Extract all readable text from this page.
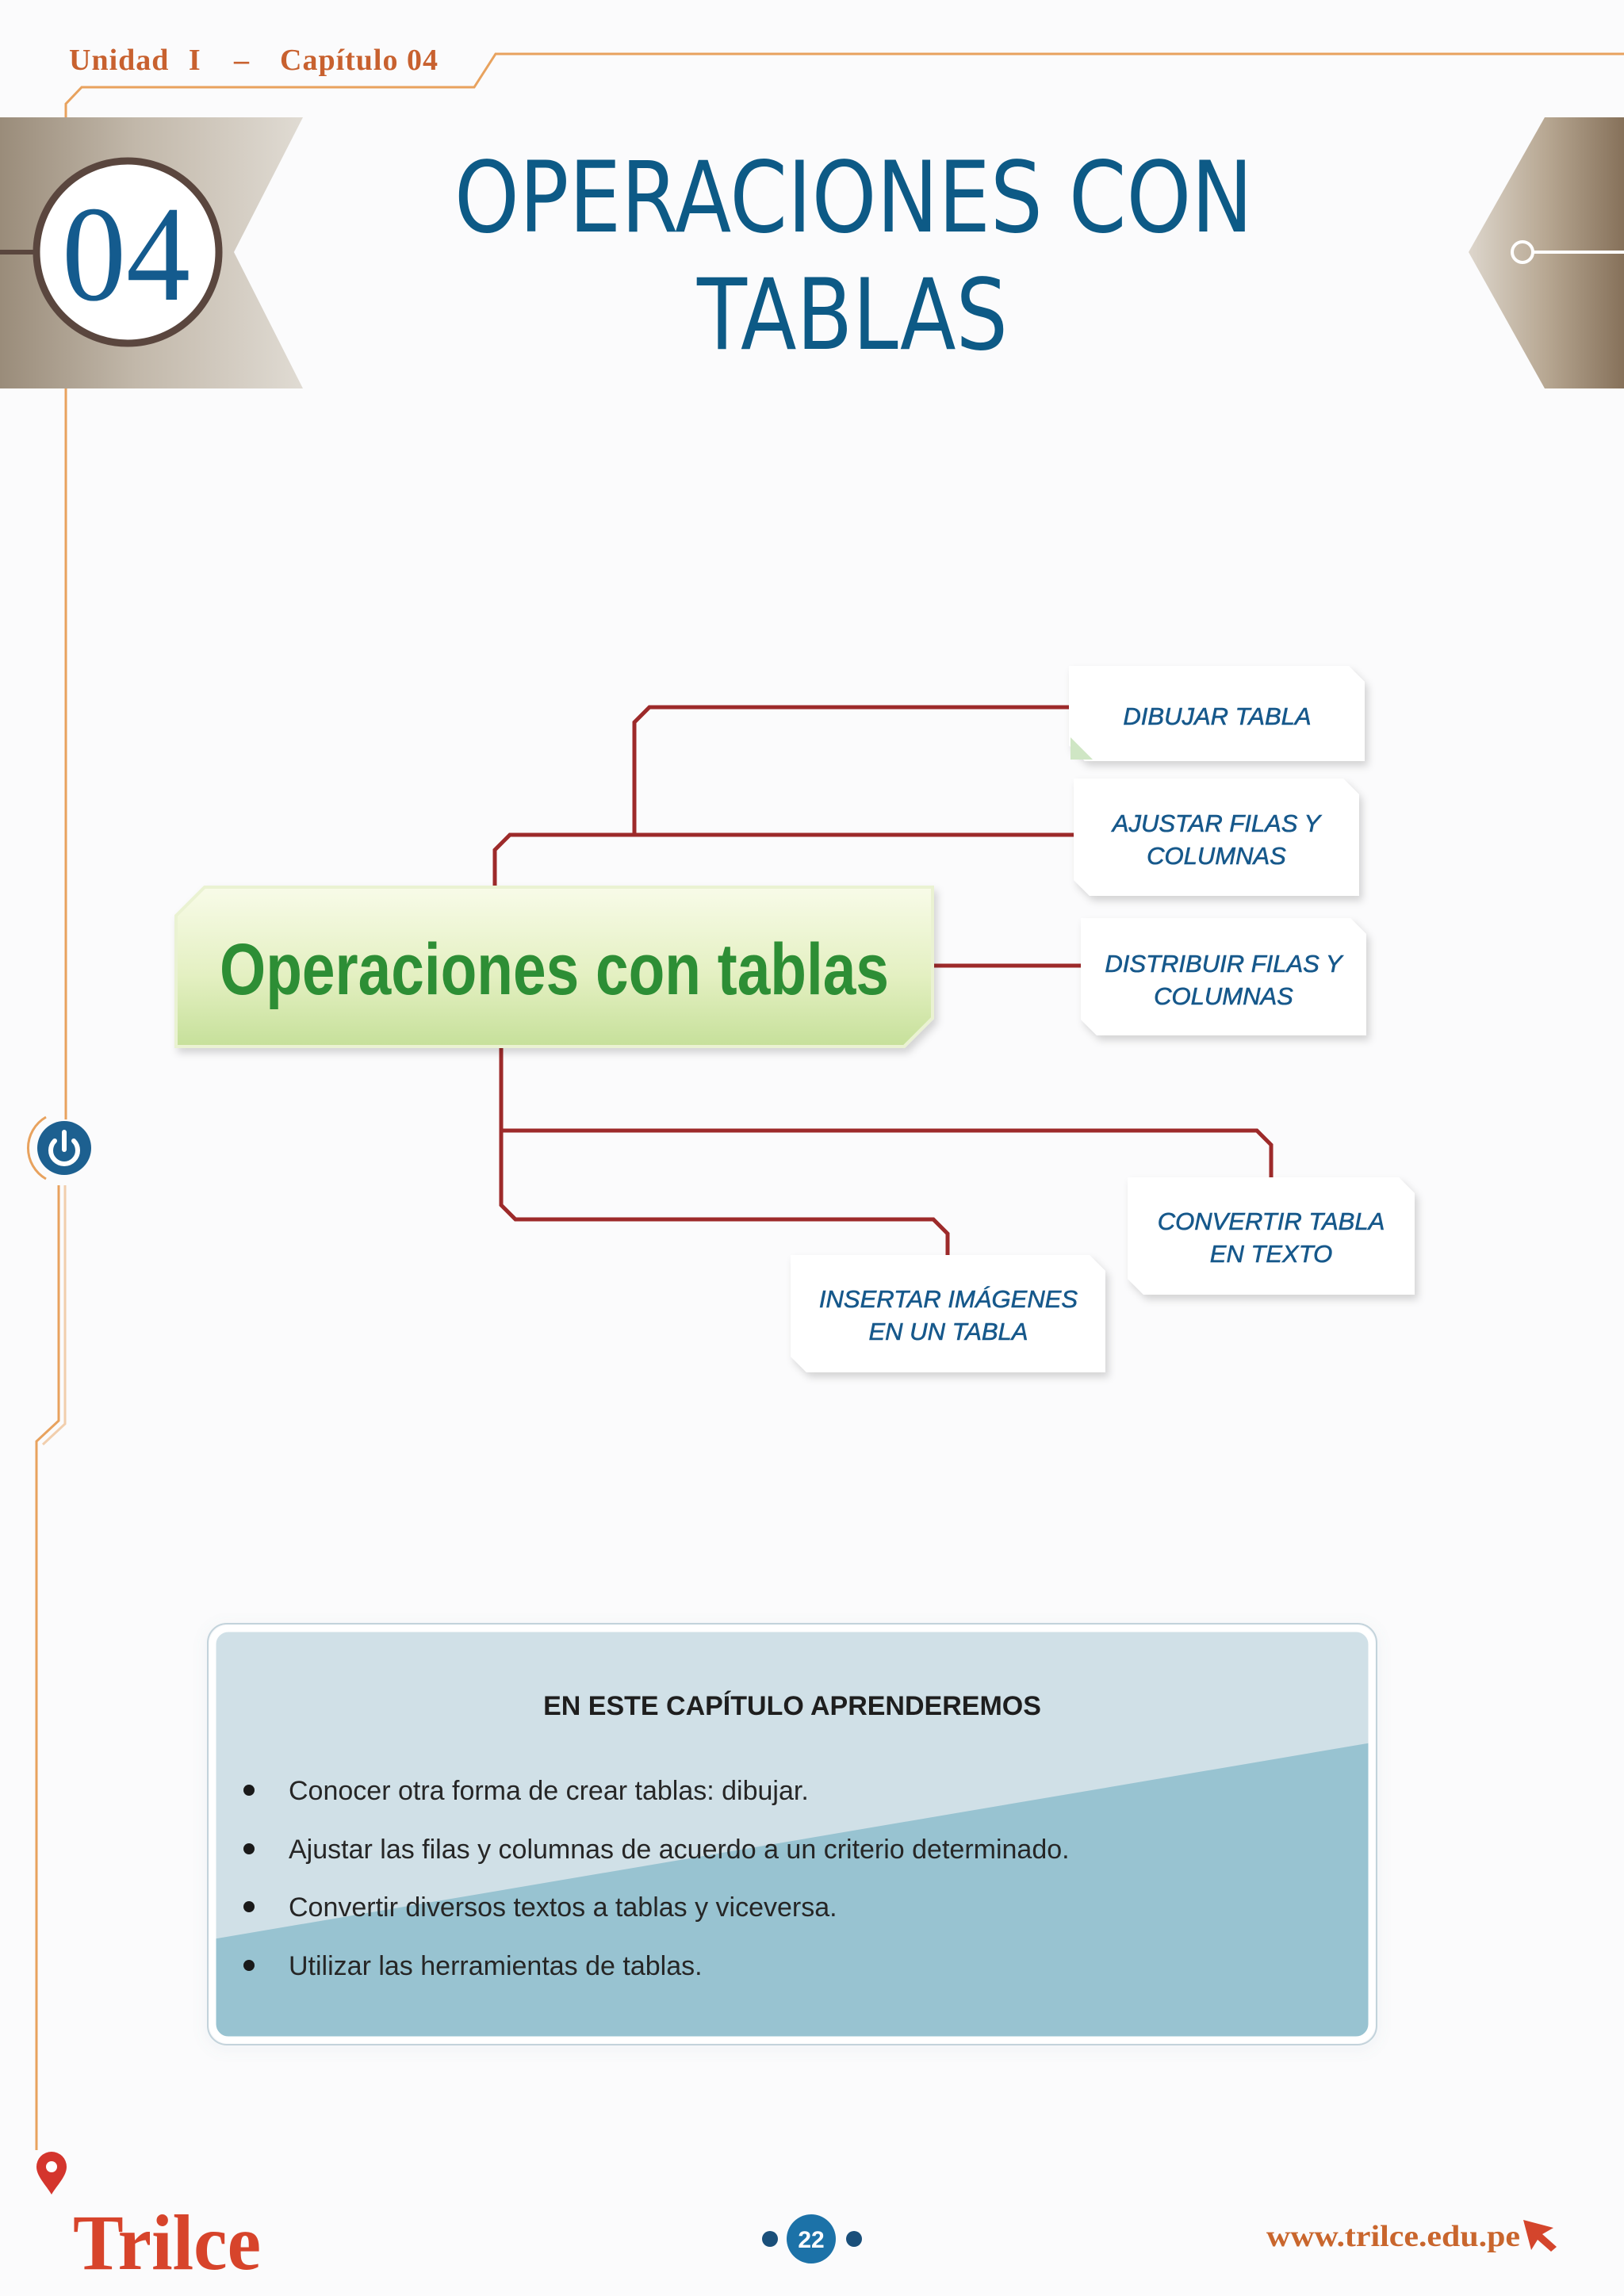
Unidad I – Capítulo 04
04	OPERACIONES CON
TABLAS
Operaciones con tablas
DIBUJAR TABLA
AJUSTAR FILAS Y
COLUMNAS
DISTRIBUIR FILAS Y
COLUMNAS
CONVERTIR TABLA
EN TEXTO
INSERTAR IMÁGENES
EN UN TABLA
EN ESTE CAPÍTULO APRENDEREMOS
Conocer otra forma de crear tablas: dibujar.
Ajustar las filas y columnas de acuerdo a un criterio determinado.
Convertir diversos textos a tablas y viceversa.
Utilizar las herramientas de tablas.
Trilce	22	www.trilce.edu.pe
